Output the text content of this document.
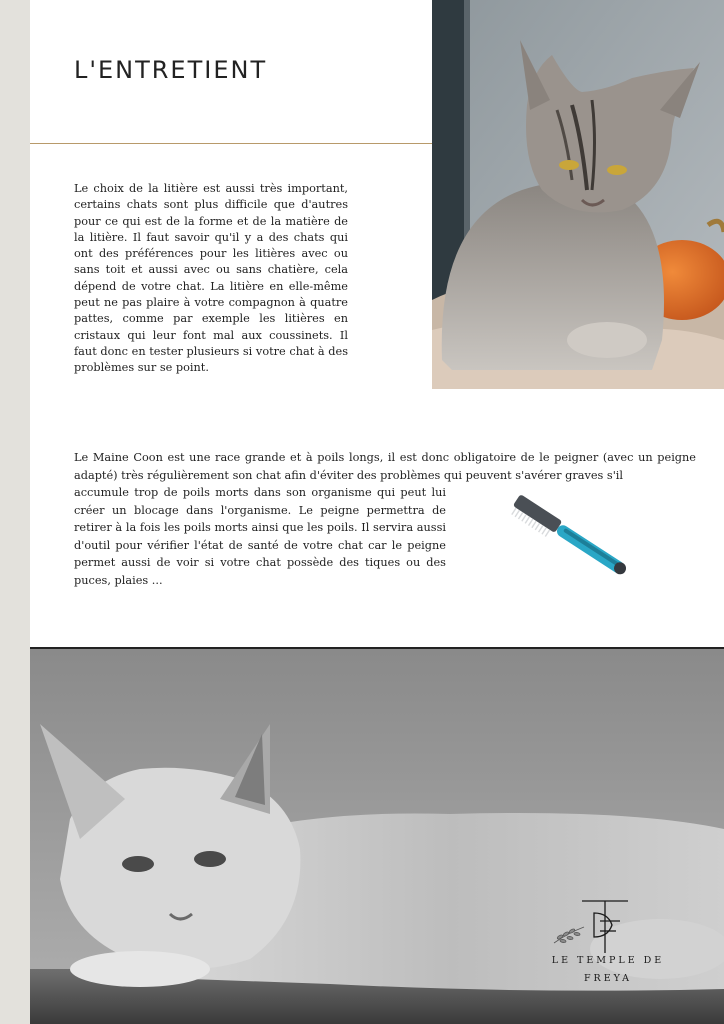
L'ENTRETIENT

Le choix de la litière est aussi très important, certains chats sont plus difficile que d'autres pour ce qui est de la forme et de la matière de la litière. Il faut savoir qu'il y a des chats qui ont des préférences pour les litières avec ou sans toit et aussi avec ou sans chatière, cela dépend de votre chat. La litière en elle-même peut ne pas plaire à votre compagnon à quatre pattes, comme par exemple les litières en cristaux qui leur font mal aux coussinets. Il faut donc en tester plusieurs si votre chat à des problèmes sur se point.

Le Maine Coon est une race grande et à poils longs, il est donc obligatoire de le peigner (avec un peigne adapté) très régulièrement son chat afin d'éviter des problèmes qui peuvent s'avérer graves s'il

accumule trop de poils morts dans son organisme qui peut lui créer un blocage dans l'organisme. Le peigne permettra de retirer à la fois les poils morts ainsi que les poils. Il servira aussi d'outil pour vérifier l'état de santé de votre chat car le peigne permet aussi de voir si votre chat possède des tiques ou des puces, plaies ...

LE TEMPLE DE
FREYA
